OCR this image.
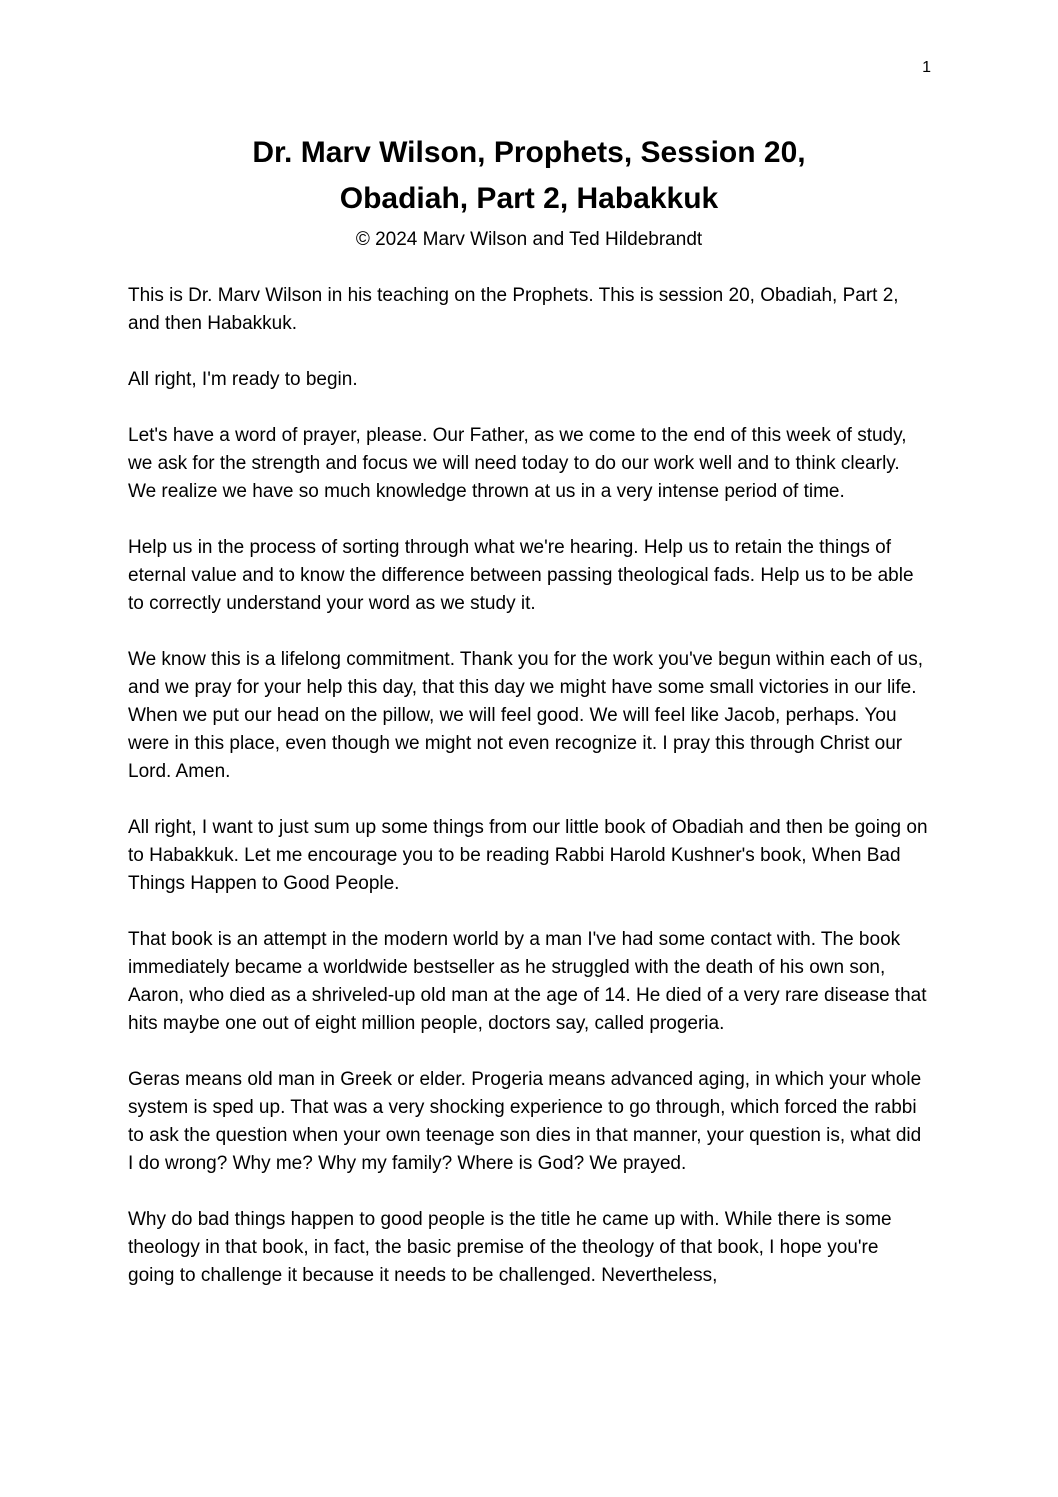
1
Dr. Marv Wilson, Prophets, Session 20,
Obadiah, Part 2, Habakkuk
© 2024 Marv Wilson and Ted Hildebrandt

This is Dr. Marv Wilson in his teaching on the Prophets. This is session 20, Obadiah, Part 2, and then Habakkuk.

All right, I'm ready to begin.

Let's have a word of prayer, please. Our Father, as we come to the end of this week of study, we ask for the strength and focus we will need today to do our work well and to think clearly. We realize we have so much knowledge thrown at us in a very intense period of time.

Help us in the process of sorting through what we're hearing. Help us to retain the things of eternal value and to know the difference between passing theological fads. Help us to be able to correctly understand your word as we study it.

We know this is a lifelong commitment. Thank you for the work you've begun within each of us, and we pray for your help this day, that this day we might have some small victories in our life. When we put our head on the pillow, we will feel good. We will feel like Jacob, perhaps. You were in this place, even though we might not even recognize it. I pray this through Christ our Lord. Amen.

All right, I want to just sum up some things from our little book of Obadiah and then be going on to Habakkuk. Let me encourage you to be reading Rabbi Harold Kushner's book, When Bad Things Happen to Good People.

That book is an attempt in the modern world by a man I've had some contact with. The book immediately became a worldwide bestseller as he struggled with the death of his own son, Aaron, who died as a shriveled-up old man at the age of 14. He died of a very rare disease that hits maybe one out of eight million people, doctors say, called progeria.

Geras means old man in Greek or elder. Progeria means advanced aging, in which your whole system is sped up. That was a very shocking experience to go through, which forced the rabbi to ask the question when your own teenage son dies in that manner, your question is, what did I do wrong? Why me? Why my family? Where is God? We prayed.

Why do bad things happen to good people is the title he came up with. While there is some theology in that book, in fact, the basic premise of the theology of that book, I hope you're going to challenge it because it needs to be challenged. Nevertheless,
